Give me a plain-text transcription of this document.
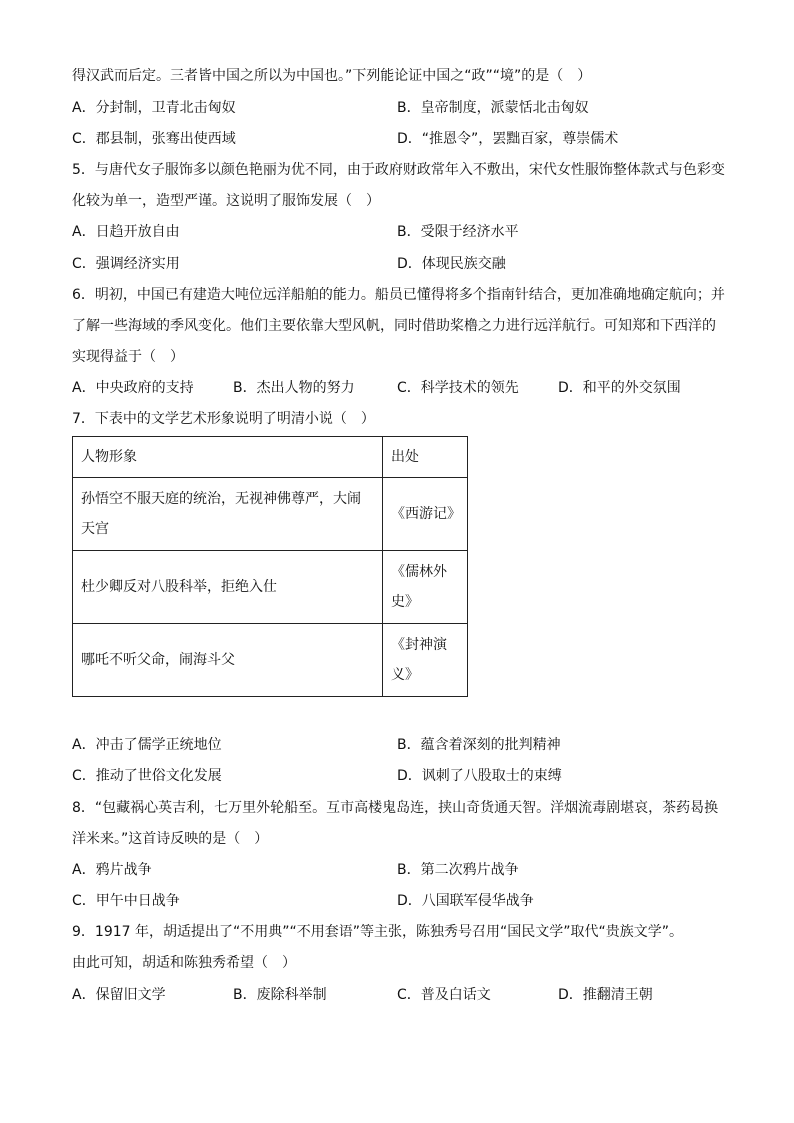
得汉武而后定。三者皆中国之所以为中国也。”下列能论证中国之“政”“境”的是（　）
A．分封制，卫青北击匈奴	B．皇帝制度，派蒙恬北击匈奴
C．郡县制，张骞出使西域	D．“推恩令”，罢黜百家，尊崇儒术
5．与唐代女子服饰多以颜色艳丽为优不同，由于政府财政常年入不敷出，宋代女性服饰整体款式与色彩变
化较为单一，造型严谨。这说明了服饰发展（　）
A．日趋开放自由	B．受限于经济水平
C．强调经济实用	D．体现民族交融
6．明初，中国已有建造大吨位远洋船舶的能力。船员已懂得将多个指南针结合，更加准确地确定航向；并
了解一些海域的季风变化。他们主要依靠大型风帆，同时借助桨橹之力进行远洋航行。可知郑和下西洋的
实现得益于（　）
A．中央政府的支持	B．杰出人物的努力	C．科学技术的领先	D．和平的外交氛围
7．下表中的文学艺术形象说明了明清小说（　）
人物形象	出处
孙悟空不服天庭的统治，无视神佛尊严，大闹天宫	《西游记》
杜少卿反对八股科举，拒绝入仕	《儒林外史》
哪吒不听父命，闹海斗父	《封神演义》
A．冲击了儒学正统地位	B．蕴含着深刻的批判精神
C．推动了世俗文化发展	D．讽刺了八股取士的束缚
8．“包藏祸心英吉利，七万里外轮船至。互市高楼鬼岛连，挟山奇货通天智。洋烟流毒剧堪哀，茶药曷换
洋米来。”这首诗反映的是（　）
A．鸦片战争	B．第二次鸦片战争
C．甲午中日战争	D．八国联军侵华战争
9．1917 年，胡适提出了“不用典”“不用套语”等主张，陈独秀号召用“国民文学”取代“贵族文学”。
由此可知，胡适和陈独秀希望（　）
A．保留旧文学	B．废除科举制	C．普及白话文	D．推翻清王朝
